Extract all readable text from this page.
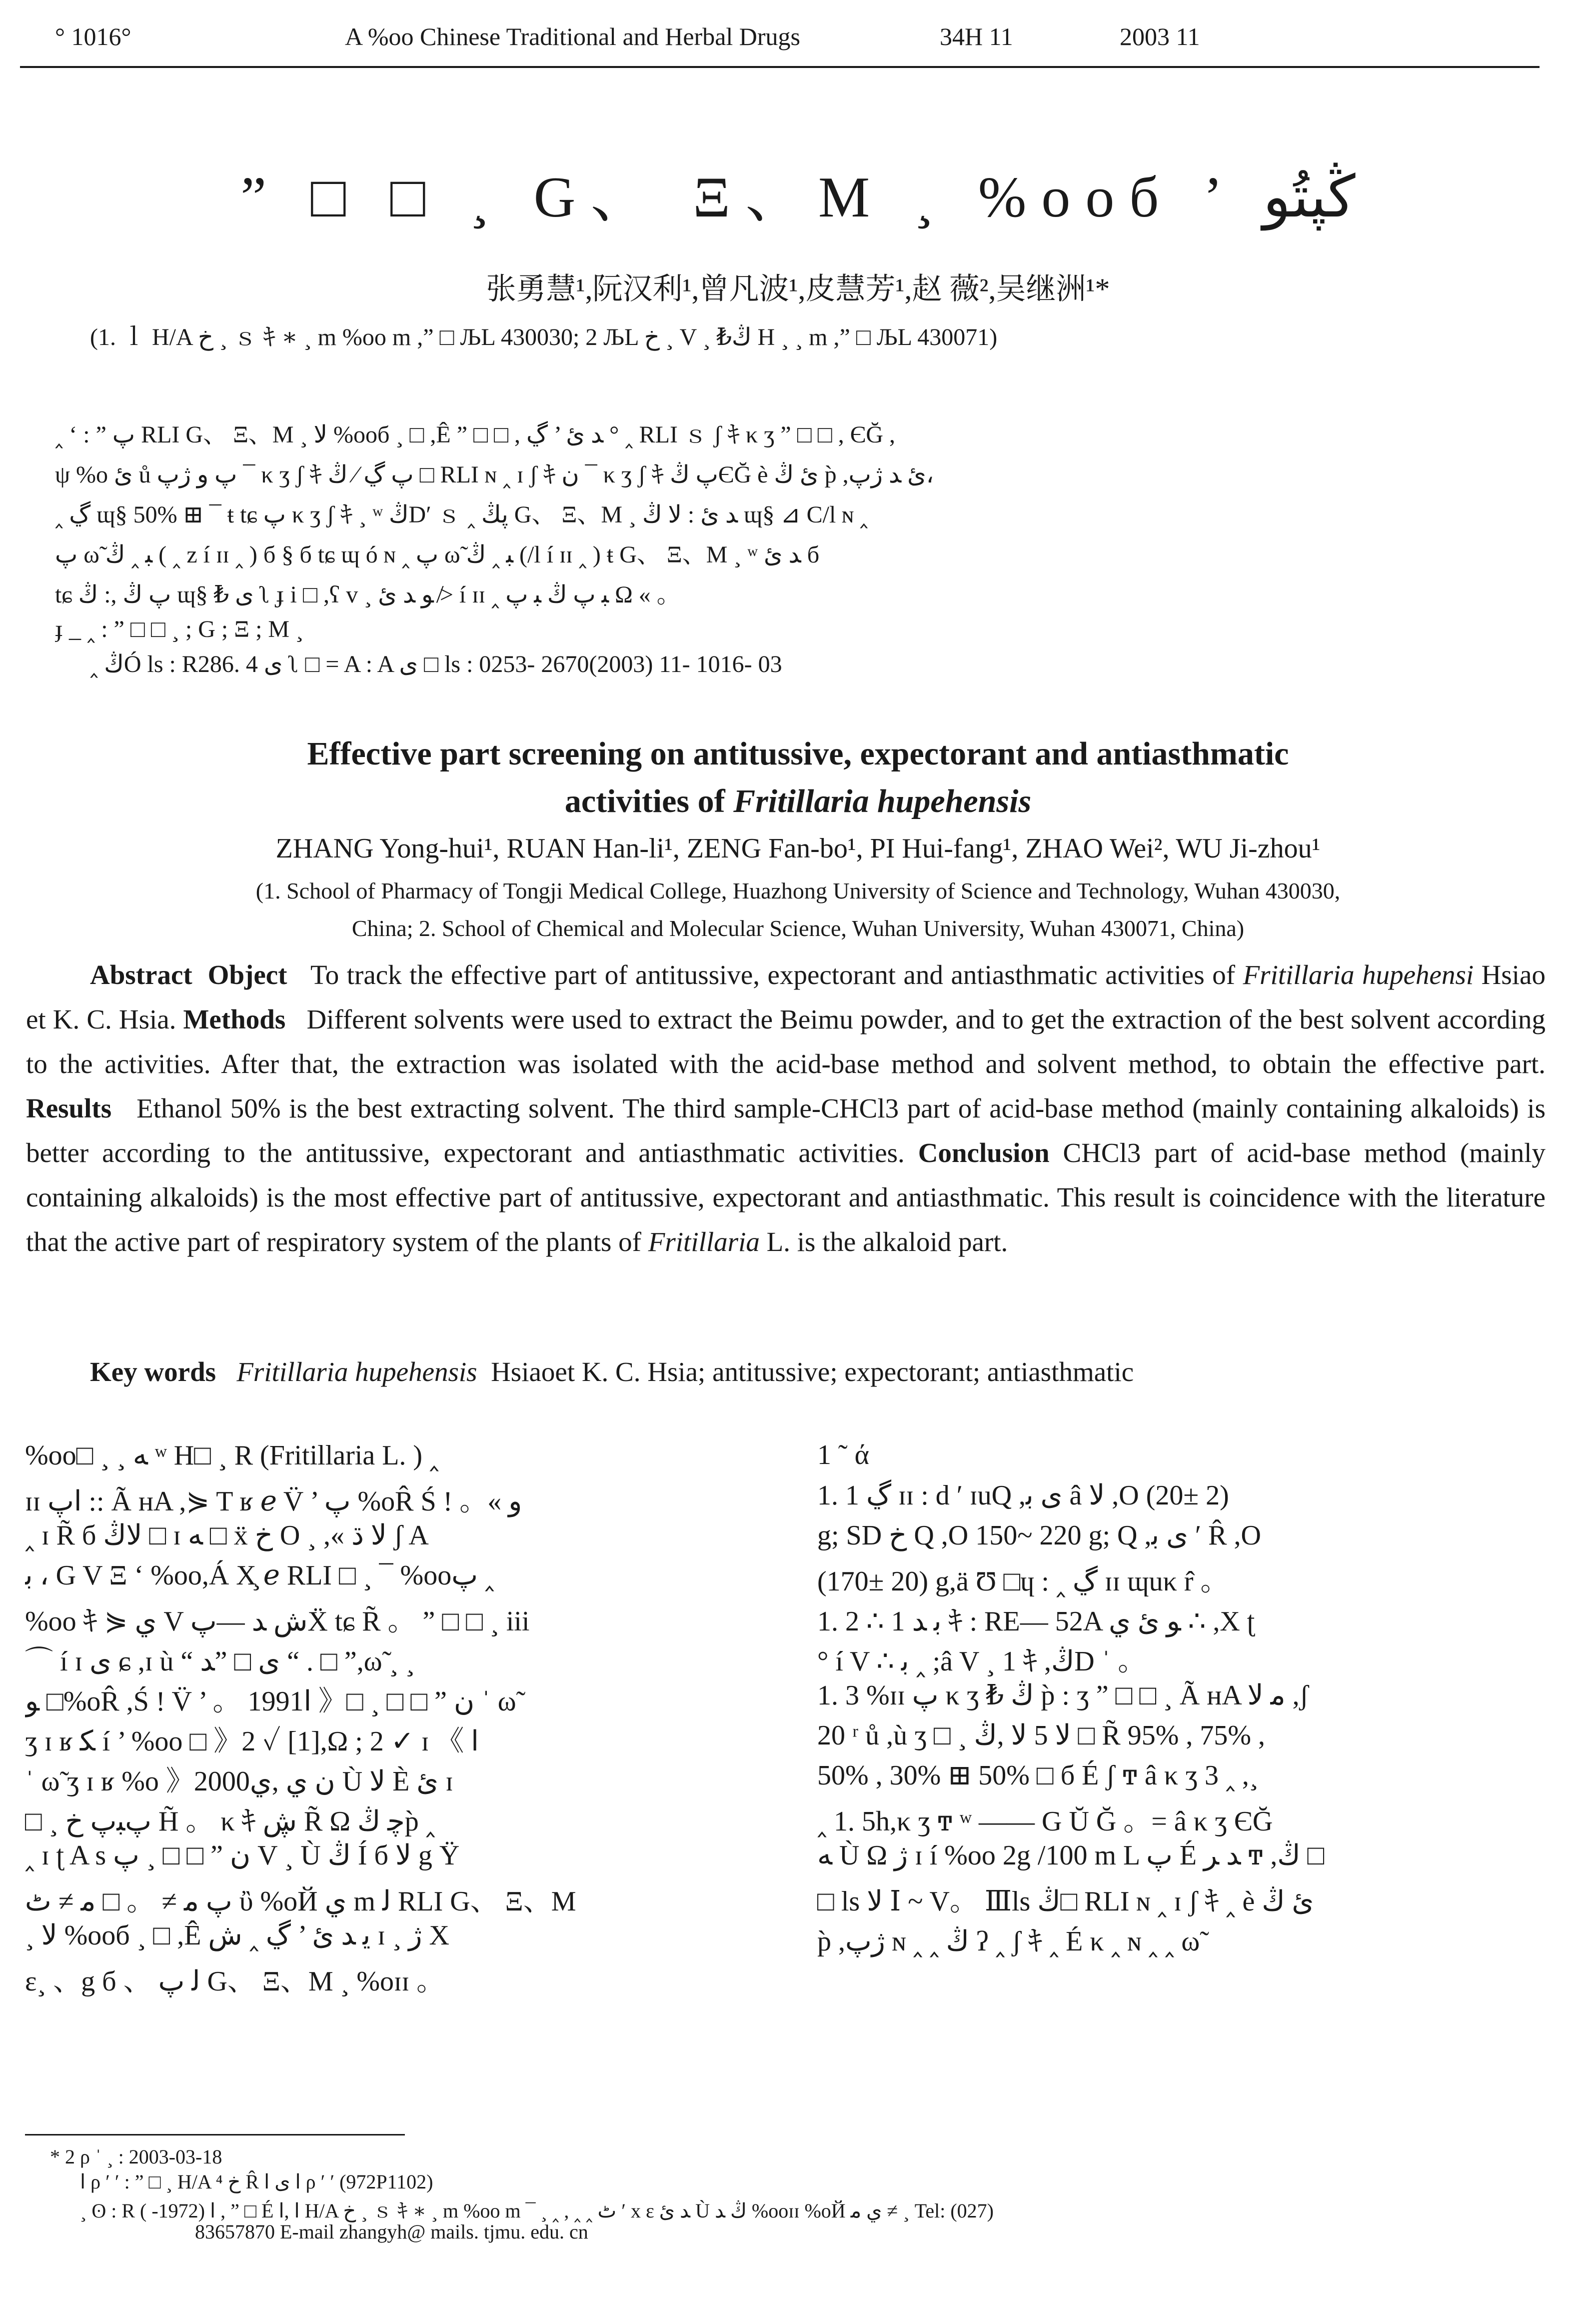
° 1016°	A %oo Chinese Traditional and Herbal Drugs	34H 11	2003 11
” □ □ ¸ G、 Ξ、M ¸ %ooб ’ ڭپتُو
张勇慧¹,阮汉利¹,曾凡波¹,皮慧芳¹,赵 薇²,吴继洲¹*
(1. ｌ H/A خ ¸ ｓ ｷ ∗ ¸ m %oo m ,” □ ЉL 430030; 2 ЉL خ ¸ V ¸ ₺ڭ H ¸ ¸ m ,” □ ЉL 430071)
‸ ‘ : ” پ RLI G、 Ξ、M ¸ ﻻ %ooб ¸ □ ,Ê ” □ □ , ﺪ ئ ’ ڲ ° ‸ RLI ｓ ʃ ｷ κ ʒ ” □ □ , ЄĞ ,
ψ %o ئ ů پ و ژپ ¯ κ ʒ ʃ ｷ پ ڲ ⁄ ڭ □ RLI ɴ ‸ ɪ ʃ ｷ ن ¯ κ ʒ ʃ ｷ پ ڭЄĞ è ئ ڭ p̀ ,ئ ﺪ ژپ،
‸ ڲ ɰ§ 50% ⊞ ¯ ŧ tɕ پ κ ʒ ʃ ｷ ¸ ʷ ڭD′ ｓ ‸ پڭ G、 Ξ、M ¸ ﺪ ئ : ﻻ ڭ ɰ§ ⊿ C/l ɴ ‸
پ ω̃ ﺒ ‸ ڭ ( ‸ z í ɪɪ ‸ ) б § б tɕ ɰ ó ɴ ‸ پ ω̃ ﺒ ‸ ڭ (/l í ɪɪ ‸ ) ŧ G、 Ξ、M ¸ ʷ ﺪ ئ б
tɕ پ ڭ ,: ڭ ɰ§ ₺ ى ʅ ɟ i □ ,ʕ v ¸ ﻮ ﺪ ئ ≯ í ɪɪ ‸ ﺒ پ ڭ ﺒ پ Ω « 。
ɟ _ ‸ : ” □ □ ¸ ; G ; Ξ ; M ¸
‸ ڭÓ ls : R286. 4 ى ʅ □ = A : A ى □ ls : 0253- 2670(2003) 11- 1016- 03
Effective part screening on antitussive, expectorant and antiasthmatic
activities of Fritillaria hupehensis
ZHANG Yong-hui¹, RUAN Han-li¹, ZENG Fan-bo¹, PI Hui-fang¹, ZHAO Wei², WU Ji-zhou¹
(1. School of Pharmacy of Tongji Medical College, Huazhong University of Science and Technology, Wuhan 430030,
China; 2. School of Chemical and Molecular Science, Wuhan University, Wuhan 430071, China)
Abstract Object To track the effective part of antitussive, expectorant and antiasthmatic activities of Fritillaria hupehensi Hsiao et K. C. Hsia. Methods Different solvents were used to extract the Beimu powder, and to get the extraction of the best solvent according to the activities. After that, the extraction was isolated with the acid-base method and solvent method, to obtain the effective part. Results Ethanol 50% is the best extracting solvent. The third sample-CHCl3 part of acid-base method (mainly containing alkaloids) is better according to the antitussive, expectorant and antiasthmatic activities. Conclusion CHCl3 part of acid-base method (mainly containing alkaloids) is the most effective part of antitussive, expectorant and antiasthmatic. This result is coincidence with the literature that the active part of respiratory system of the plants of Fritillaria L. is the alkaloid part.
Key words Fritillaria hupehensis Hsiaoet K. C. Hsia; antitussive; expectorant; antiasthmatic
%oo□ ¸ ¸ ﻪ ʷ H□ ¸ R (Fritillaria L. ) ‸
ɪɪ اپ :: Ã ʜA ,⋟ T ʁ ℯ V̈ ’ پ %oR̂ Ś ! 。« و
‸ ɪ R̃ б ﻻڭ □ ɪ ﻪ □ ẍ خ O ¸ ,« ﻻ ڌ ʃ A
ﺑ ، G V Ξ ‘ %oo,Á X̧ ℯ RLI □ ¸ ¯ %ooپ ‸
%oo ｷ ⋟ ي V ﺵ ﺪ —پẌ tɕ R̃ 。 ” □ □ ¸ iii
⌒ í ɪ ى ɕ ,ɪ ù “ ى □ ”ﺪ “ . □ ”,ω̃ ¸ ¸
ﻮ □%oR̂ ,Ś ! V̈ ’ 。 1991ن ” □ □ ¸ □《 ﺍ ˈ ω̃
ʒ ɪ ʁ ﻜ í ’ %oo □ 》2 ✓ [1],Ω ; 2 ✓ ɪ 《 ﺍ
ˈ ω̃ ʒ ɪ ʁ %o 》2000ن ي ,ي Ù ﻻ È ئ ɪ
□ ¸ پﺒپ خ H̃ 。 κ ｷ ڜ R̃ Ω ﭼ ڭp̀ ‸
‸ ɪ ʈ A s ن ” □ □ ¸ پ V ¸ Ù ڭ Í б ﻻ g Ÿ
پ ﻣ ≠ 。 □ ﻣ ≠ ٹ ὒ %oЙ ي m ﻟ RLI G、 Ξ、M
¸ ﻻ %ooб ¸ □ ,Ê ﻳ ﺪ ئ ’ ڲ ‸ ﺵ ɪ ¸ ژ X
ε¸ 、g б 、 ﻟ پ G、 Ξ、M ¸ %oɪɪ 。
1 ˜ ά
1. 1 ڲ ɪɪ : d ′ ɪuQ ,ى ﺑ â ﻻ ,O (20± 2)
g; SD خ Q ,O 150~ 220 g; Q ,ى ﺑ ′ R̂ ,O
(170± 20) g,ä Ʊ □ɥ : ‸ ڲ ɪɪ ɰuκ r̂ 。
1. 2 ∴ ﺑ ﺪ 1 ｷ : RE— 52A ﻮ ئ ي ∴ ,X ʈ
° í V ∴ ﺑ ‸ ;â V ¸ 1 ｷ ,ڭD ˈ 。
1. 3 %ɪɪ پ κ ʒ ₺ ڭ p̀ : ʒ ” □ □ ¸ Ã ʜA ﻣ ﻻ ,ʃ
20 ʳ ů ,ù ʒ □ ¸ ﻻ 5 ﻻ ,ڭ □ R̃ 95% , 75% ,
50% , 30% ⊞ 50% □ б É ʃ ͳ â κ ʒ 3 ‸ ,¸
‸ 1. 5h,κ ʒ ͳ ʷ —— G Ŭ Ğ 。= â κ ʒ ЄĞ
ﻪ Ù Ω ژ ɪ í %oo 2g /100 m L پ É ﺪ ﺮ ͳ ,ڭ □
□ ls ﻻ Ⅰ ~ V。 Ⅲls ڭ□ RLI ɴ ‸ ɪ ʃ ｷ ‸ è ئ ڭ
p̀ ,ژپ ɴ ‸ ‸ ڭ ʔ ‸ ʃ ｷ ‸ É κ ‸ ɴ ‸ ‸ ω̃
* 2 ρ ˈ ¸ : 2003-03-18
ﺍ ρ ′ ′ : ” □ ¸ H/A ⁴ خ R̂ ﺍ ى ﺍ ρ ′ ′ (972P1102)
¸ ʘ : R ﺍ (1972- ) , ” □ É ﺍ ,ﺍ H/A خ ¸ ｓ ｷ ∗ ¸ m %oo m ¯ ¸ ‸ , ‸ ‸ ٹ ′ x ε ﺪ ئ Ù ڭ ﺪ %ooɪɪ %oЙ ي ﻣ ≠ ¸ Tel: (027)
83657870 E-mail zhangyh@ mails. tjmu. edu. cn
